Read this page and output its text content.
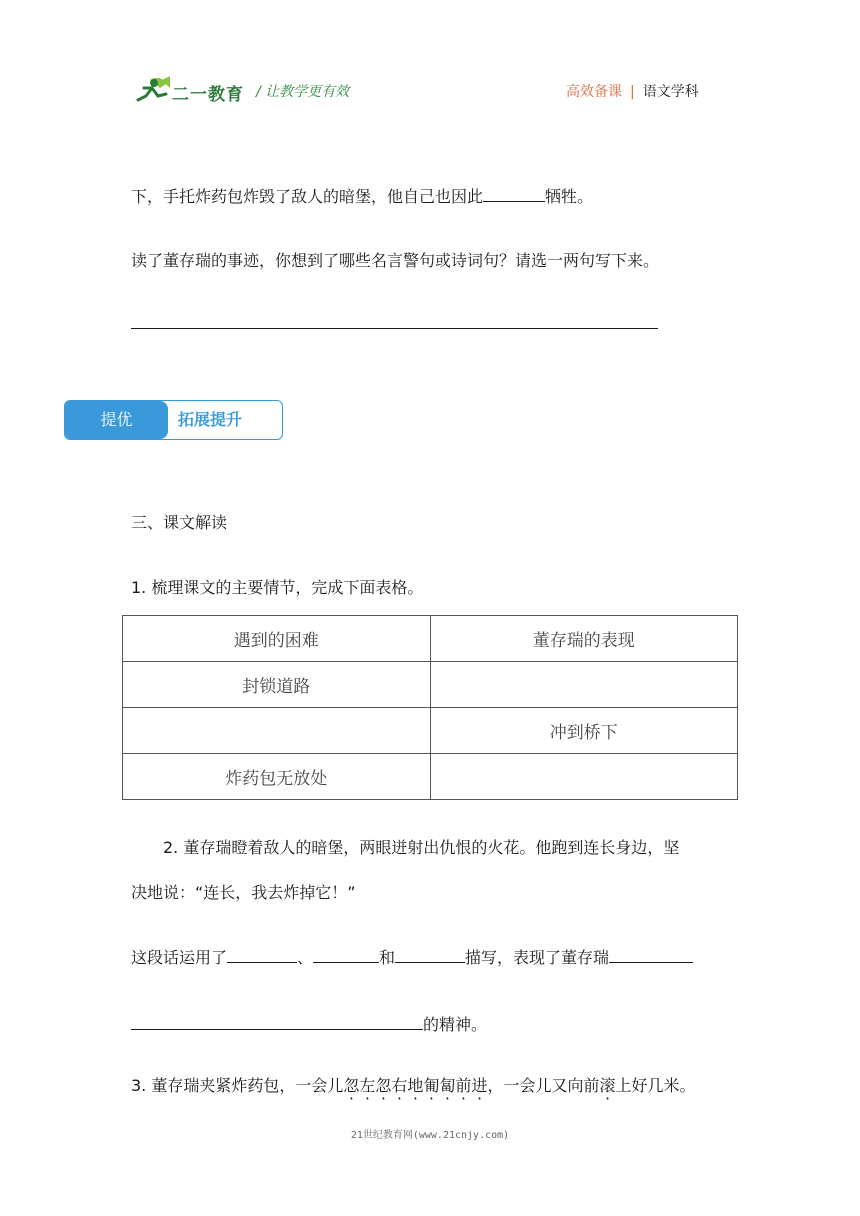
二一教育 / 让教学更有效	高效备课 | 语文学科
下，手托炸药包炸毁了敌人的暗堡，他自己也因此	牺牲。
读了董存瑞的事迹，你想到了哪些名言警句或诗词句？请选一两句写下来。
提优	拓展提升
三、课文解读
1. 梳理课文的主要情节，完成下面表格。
遇到的困难	董存瑞的表现
封锁道路	
	冲到桥下
炸药包无放处	
2. 董存瑞瞪着敌人的暗堡，两眼迸射出仇恨的火花。他跑到连长身边，坚
决地说：“连长，我去炸掉它！”
这段话运用了	、	和	描写，表现了董存瑞
的精神。
3. 董存瑞夹紧炸药包，一会儿忽左忽右地匍匐前进，一会儿又向前滚上好几米。
21世纪教育网(www.21cnjy.com)
